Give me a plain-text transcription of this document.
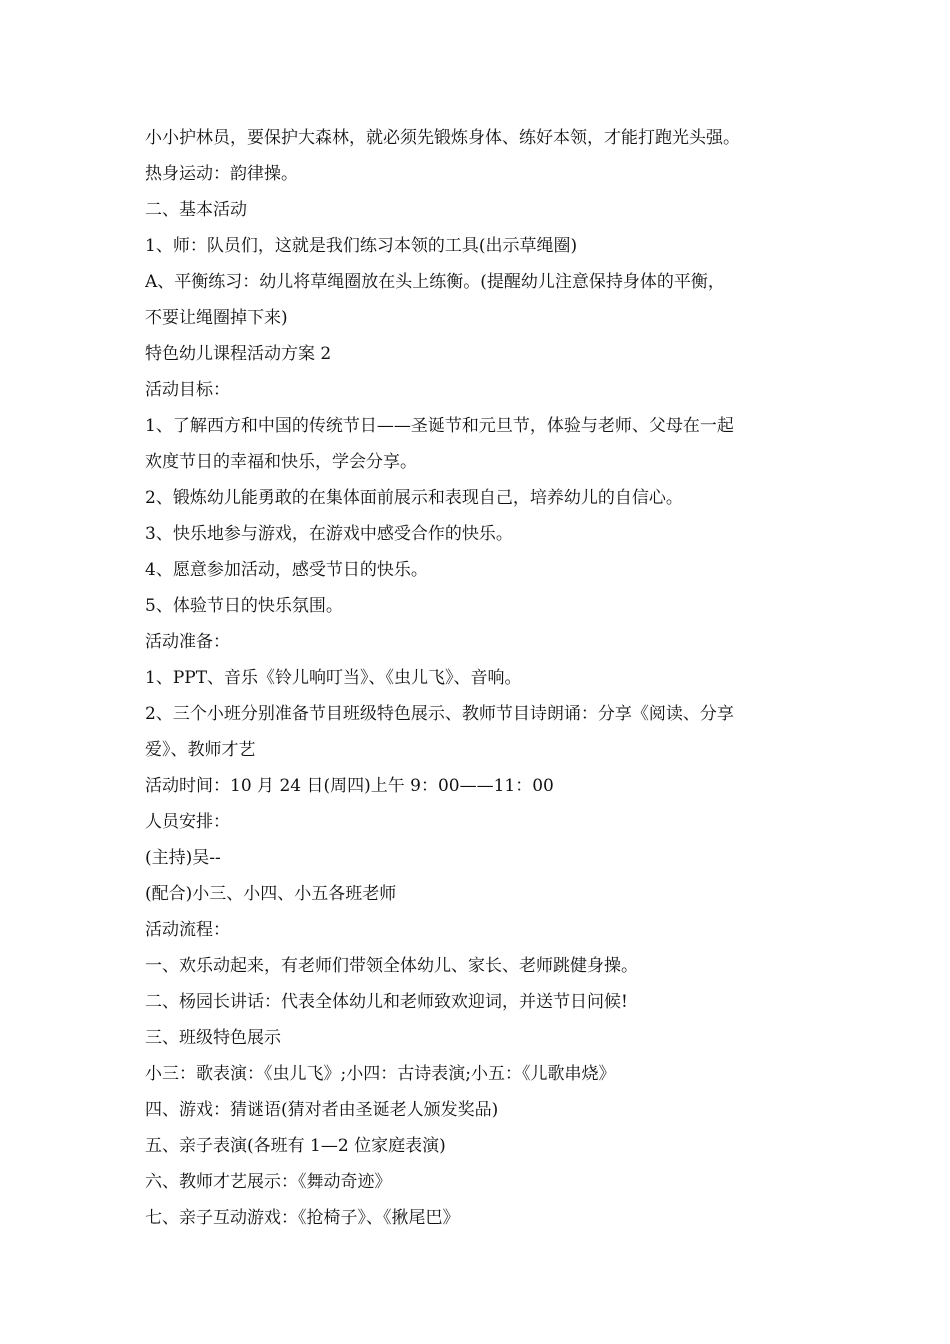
小小护林员，要保护大森林，就必须先锻炼身体、练好本领，才能打跑光头强。
热身运动：韵律操。
二、基本活动
1、师：队员们，这就是我们练习本领的工具(出示草绳圈)
A、平衡练习：幼儿将草绳圈放在头上练衡。(提醒幼儿注意保持身体的平衡，
不要让绳圈掉下来)
特色幼儿课程活动方案 2
活动目标：
1、了解西方和中国的传统节日——圣诞节和元旦节，体验与老师、父母在一起
欢度节日的幸福和快乐，学会分享。
2、锻炼幼儿能勇敢的在集体面前展示和表现自己，培养幼儿的自信心。
3、快乐地参与游戏，在游戏中感受合作的快乐。
4、愿意参加活动，感受节日的快乐。
5、体验节日的快乐氛围。
活动准备：
1、PPT、音乐《铃儿响叮当》、《虫儿飞》、音响。
2、三个小班分别准备节目班级特色展示、教师节目诗朗诵：分享《阅读、分享
爱》、教师才艺
活动时间：10 月 24 日(周四)上午 9：00——11：00
人员安排：
(主持)吴--
(配合)小三、小四、小五各班老师
活动流程：
一、欢乐动起来，有老师们带领全体幼儿、家长、老师跳健身操。
二、杨园长讲话：代表全体幼儿和老师致欢迎词，并送节日问候!
三、班级特色展示
小三：歌表演：《虫儿飞》;小四：古诗表演;小五：《儿歌串烧》
四、游戏：猜谜语(猜对者由圣诞老人颁发奖品)
五、亲子表演(各班有 1—2 位家庭表演)
六、教师才艺展示：《舞动奇迹》
七、亲子互动游戏：《抢椅子》、《揪尾巴》
